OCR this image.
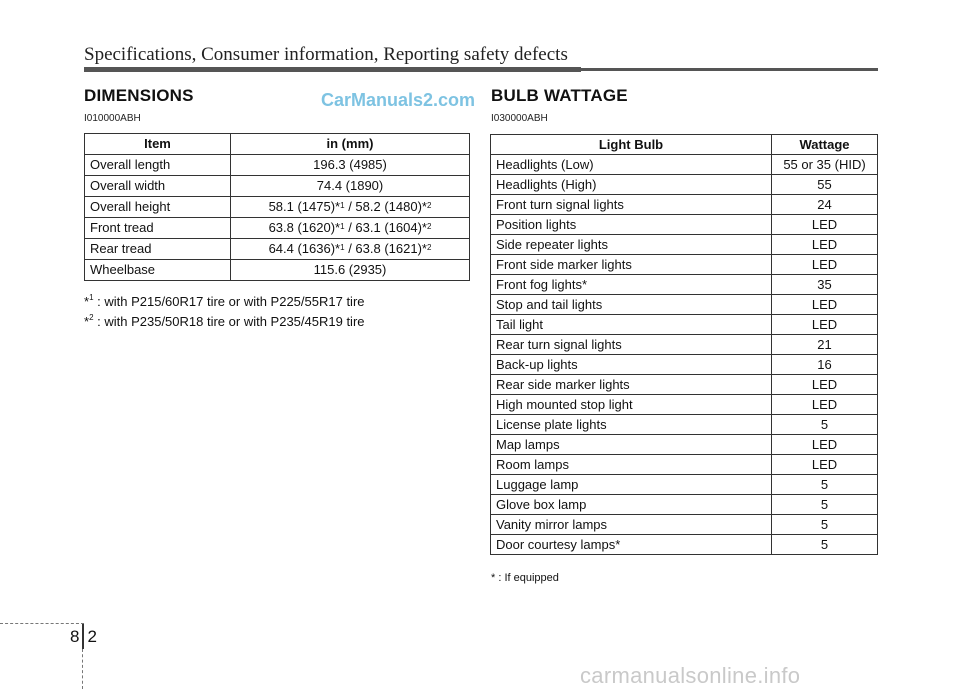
Specifications, Consumer information, Reporting safety defects
DIMENSIONS	CarManuals2.com
I010000ABH
Item	in (mm)
Overall length	196.3 (4985)
Overall width	74.4 (1890)
Overall height	58.1 (1475)*$^1$ / 58.2 (1480)*$^2$
Front tread	63.8 (1620)*$^1$ / 63.1 (1604)*$^2$
Rear tread	64.4 (1636)*$^1$ / 63.8 (1621)*$^2$
Wheelbase	115.6 (2935)
*$^1$ : with P215/60R17 tire or with P225/55R17 tire
*$^2$ : with P235/50R18 tire or with P235/45R19 tire
BULB WATTAGE
I030000ABH
Light Bulb	Wattage
Headlights (Low)	55 or 35 (HID)
Headlights (High)	55
Front turn signal lights	24
Position lights	LED
Side repeater lights	LED
Front side marker lights	LED
Front fog lights*	35
Stop and tail lights	LED
Tail light	LED
Rear turn signal lights	21
Back-up lights	16
Rear side marker lights	LED
High mounted stop light	LED
License plate lights	5
Map lamps	LED
Room lamps	LED
Luggage lamp	5
Glove box lamp	5
Vanity mirror lamps	5
Door courtesy lamps*	5
* : If equipped
82
carmanualsonline.info
